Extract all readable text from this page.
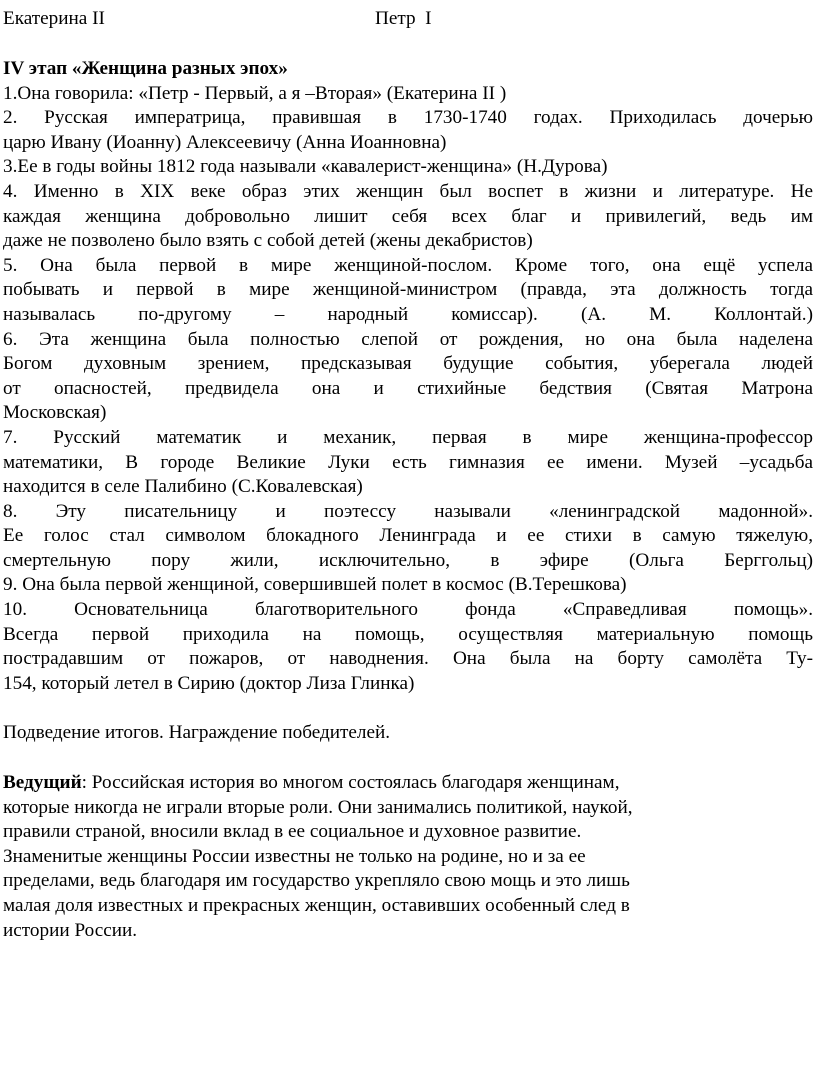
Екатерина II

	Петр  I

IV этап «Женщина разных эпох»
1.Она говорила: «Петр - Первый, а я –Вторая» (Екатерина II )
2. Русская императрица, правившая в 1730-1740 годах. Приходилась дочерью
царю Ивану (Иоанну) Алексеевичу (Анна Иоанновна)
3.Ее в годы войны 1812 года называли «кавалерист-женщина» (Н.Дурова)
4. Именно в XIX веке образ этих женщин был воспет в жизни и литературе. Не
каждая женщина добровольно лишит себя всех благ и привилегий, ведь им
даже не позволено было взять с собой детей (жены декабристов)
5. Она была первой в мире женщиной-послом. Кроме того, она ещё успела
побывать и первой в мире женщиной-министром (правда, эта должность тогда
называлась по-другому – народный комиссар). (А. М. Коллонтай.)
6. Эта женщина была полностью слепой от рождения, но она была наделена
Богом духовным зрением, предсказывая будущие события, уберегала людей
от опасностей, предвидела она и стихийные бедствия (Святая Матрона
Московская)
7. Русский математик и механик, первая в мире женщина-профессор
математики, В городе Великие Луки есть гимназия ее имени. Музей –усадьба
находится в селе Палибино (С.Ковалевская)
8. Эту писательницу и поэтессу называли «ленинградской мадонной».
Ее голос стал символом блокадного Ленинграда и ее стихи в самую тяжелую,
смертельную пору жили, исключительно, в эфире (Ольга Берггольц)
9. Она была первой женщиной, совершившей полет в космос (В.Терешкова)
10. Основательница благотворительного фонда «Справедливая помощь».
Всегда первой приходила на помощь, осуществляя материальную помощь
пострадавшим от пожаров, от наводнения. Она была на борту самолёта Ту-
154, который летел в Сирию (доктор Лиза Глинка)
Подведение итогов. Награждение победителей.
Ведущий: Российская история во многом состоялась благодаря женщинам,
которые никогда не играли вторые роли. Они занимались политикой, наукой,
правили страной, вносили вклад в ее социальное и духовное развитие.
Знаменитые женщины России известны не только на родине, но и за ее
пределами, ведь благодаря им государство укрепляло свою мощь и это лишь
малая доля известных и прекрасных женщин, оставивших особенный след в
истории России.
